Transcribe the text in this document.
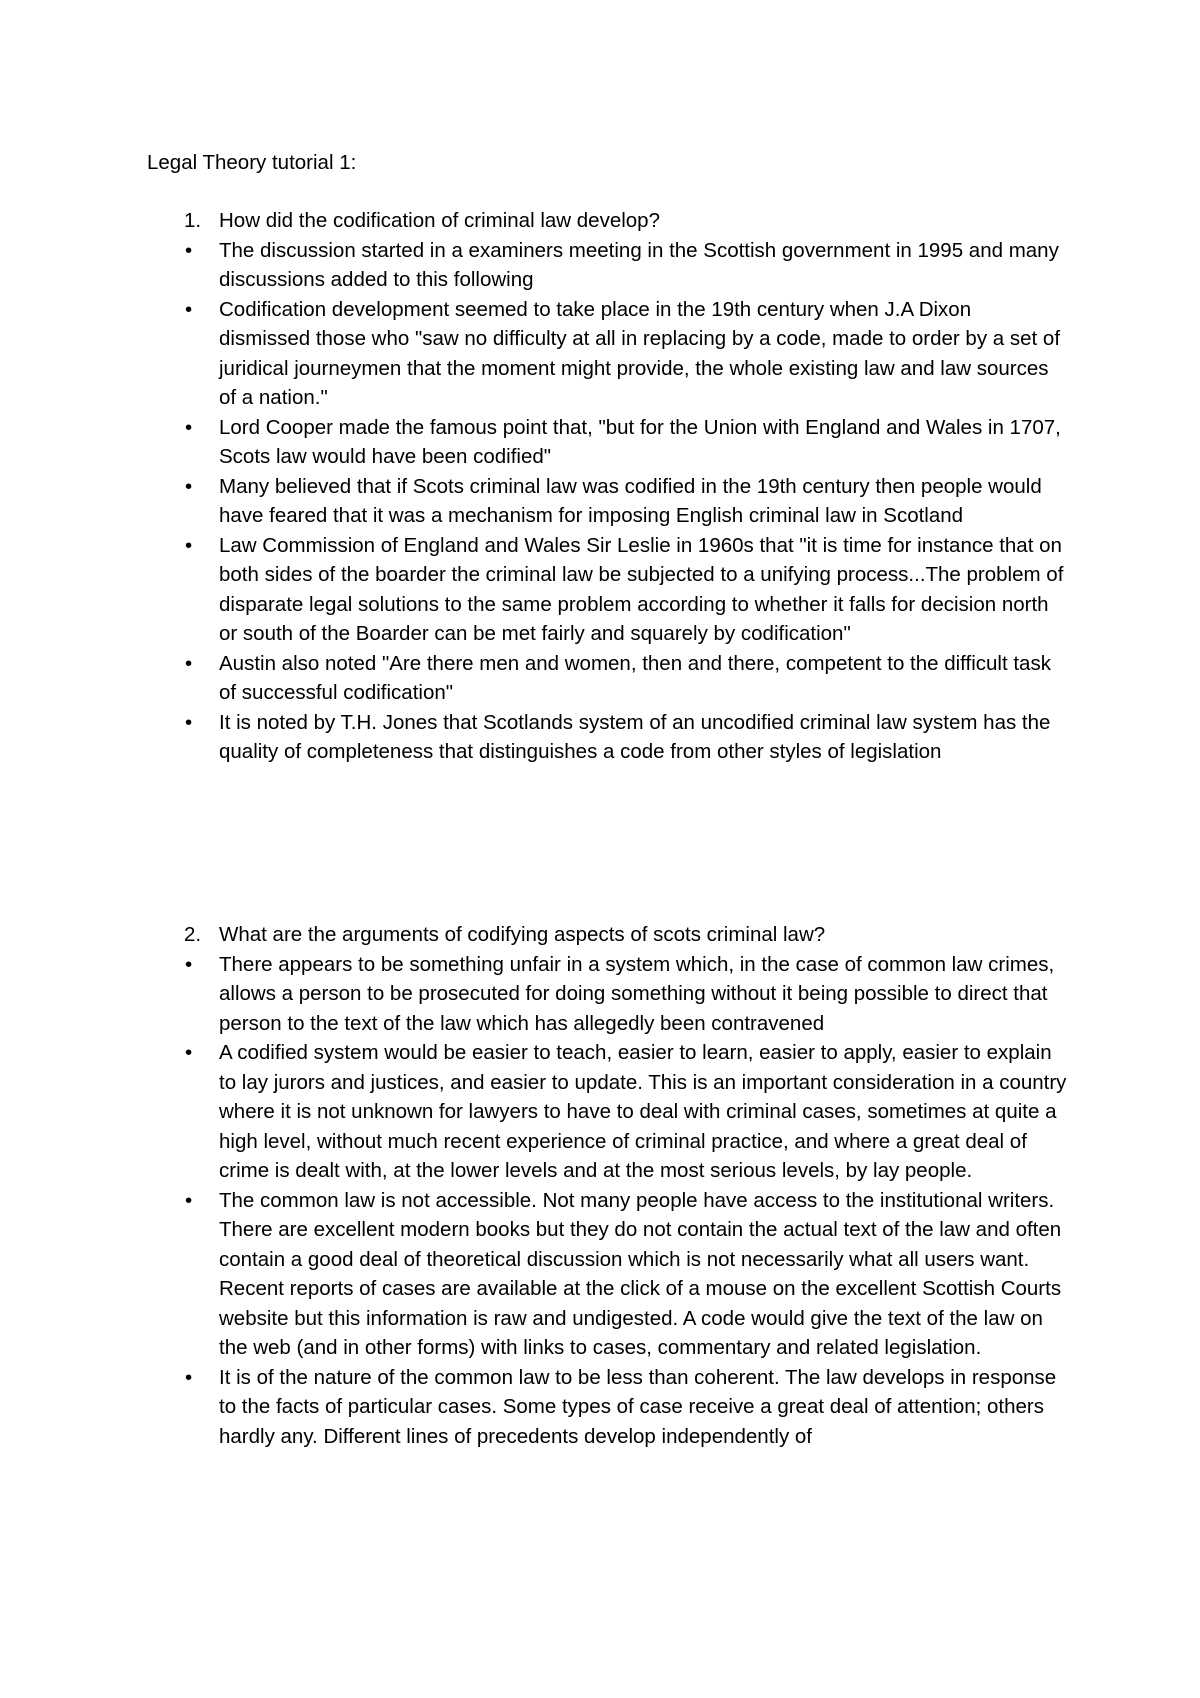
Legal Theory tutorial 1:
1. How did the codification of criminal law develop?
• The discussion started in a examiners meeting in the Scottish government in 1995 and many discussions added to this following
• Codification development seemed to take place in the 19th century when J.A Dixon dismissed those who "saw no difficulty at all in replacing by a code, made to order by a set of juridical journeymen that the moment might provide, the whole existing law and law sources of a nation."
• Lord Cooper made the famous point that, "but for the Union with England and Wales in 1707, Scots law would have been codified"
• Many believed that if Scots criminal law was codified in the 19th century then people would have feared that it was a mechanism for imposing English criminal law in Scotland
• Law Commission of England and Wales Sir Leslie in 1960s that "it is time for instance that on both sides of the boarder the criminal law be subjected to a unifying process...The problem of disparate legal solutions to the same problem according to whether it falls for decision north or south of the Boarder can be met fairly and squarely by codification"
• Austin also noted "Are there men and women, then and there, competent to the difficult task of successful codification"
• It is noted by T.H. Jones that Scotlands system of an uncodified criminal law system has the quality of completeness that distinguishes a code from other styles of legislation
2. What are the arguments of codifying aspects of scots criminal law?
• There appears to be something unfair in a system which, in the case of common law crimes, allows a person to be prosecuted for doing something without it being possible to direct that person to the text of the law which has allegedly been contravened
• A codified system would be easier to teach, easier to learn, easier to apply, easier to explain to lay jurors and justices, and easier to update. This is an important consideration in a country where it is not unknown for lawyers to have to deal with criminal cases, sometimes at quite a high level, without much recent experience of criminal practice, and where a great deal of crime is dealt with, at the lower levels and at the most serious levels, by lay people.
• The common law is not accessible. Not many people have access to the institutional writers. There are excellent modern books but they do not contain the actual text of the law and often contain a good deal of theoretical discussion which is not necessarily what all users want. Recent reports of cases are available at the click of a mouse on the excellent Scottish Courts website but this information is raw and undigested. A code would give the text of the law on the web (and in other forms) with links to cases, commentary and related legislation.
• It is of the nature of the common law to be less than coherent. The law develops in response to the facts of particular cases. Some types of case receive a great deal of attention; others hardly any. Different lines of precedents develop independently of
